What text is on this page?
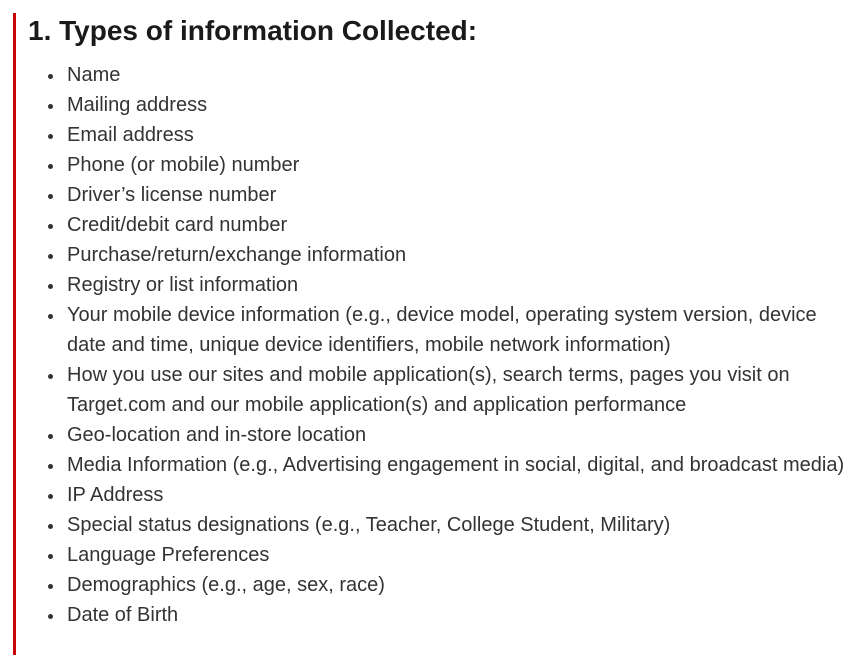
1. Types of information Collected:
Name
Mailing address
Email address
Phone (or mobile) number
Driver’s license number
Credit/debit card number
Purchase/return/exchange information
Registry or list information
Your mobile device information (e.g., device model, operating system version, device date and time, unique device identifiers, mobile network information)
How you use our sites and mobile application(s), search terms, pages you visit on Target.com and our mobile application(s) and application performance
Geo-location and in-store location
Media Information (e.g., Advertising engagement in social, digital, and broadcast media)
IP Address
Special status designations (e.g., Teacher, College Student, Military)
Language Preferences
Demographics (e.g., age, sex, race)
Date of Birth
